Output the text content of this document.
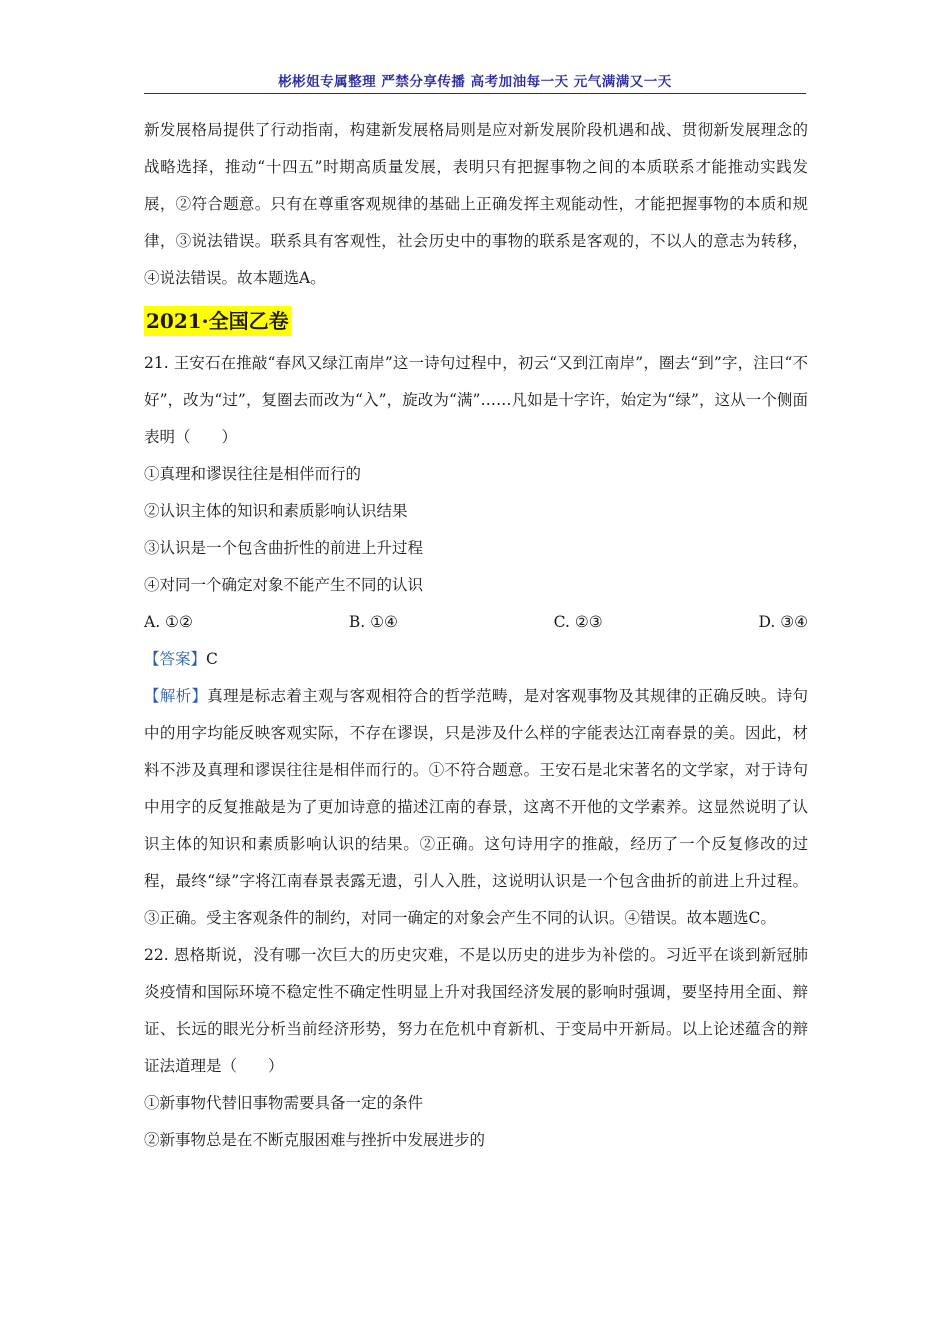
彬彬姐专属整理 严禁分享传播 高考加油每一天 元气满满又一天

新发展格局提供了行动指南，构建新发展格局则是应对新发展阶段机遇和战、贯彻新发展理念的战略选择，推动“十四五”时期高质量发展，表明只有把握事物之间的本质联系才能推动实践发展，②符合题意。只有在尊重客观规律的基础上正确发挥主观能动性，才能把握事物的本质和规律，③说法错误。联系具有客观性，社会历史中的事物的联系是客观的，不以人的意志为转移，④说法错误。故本题选A。

2021·全国乙卷

21. 王安石在推敲“春风又绿江南岸”这一诗句过程中，初云“又到江南岸”，圈去“到”字，注曰“不好”，改为“过”，复圈去而改为“入”，旋改为“满”……凡如是十字许，始定为“绿”，这从一个侧面表明（　　）

①真理和谬误往往是相伴而行的

②认识主体的知识和素质影响认识结果

③认识是一个包含曲折性的前进上升过程

④对同一个确定对象不能产生不同的认识

A. ①②	B. ①④	C. ②③	D. ③④

【答案】C

【解析】真理是标志着主观与客观相符合的哲学范畴，是对客观事物及其规律的正确反映。诗句中的用字均能反映客观实际，不存在谬误，只是涉及什么样的字能表达江南春景的美。因此，材料不涉及真理和谬误往往是相伴而行的。①不符合题意。王安石是北宋著名的文学家，对于诗句中用字的反复推敲是为了更加诗意的描述江南的春景，这离不开他的文学素养。这显然说明了认识主体的知识和素质影响认识的结果。②正确。这句诗用字的推敲，经历了一个反复修改的过程，最终“绿”字将江南春景表露无遗，引人入胜，这说明认识是一个包含曲折的前进上升过程。③正确。受主客观条件的制约，对同一确定的对象会产生不同的认识。④错误。故本题选C。

22. 恩格斯说，没有哪一次巨大的历史灾难，不是以历史的进步为补偿的。习近平在谈到新冠肺炎疫情和国际环境不稳定性不确定性明显上升对我国经济发展的影响时强调，要坚持用全面、辩证、长远的眼光分析当前经济形势，努力在危机中育新机、于变局中开新局。以上论述蕴含的辩证法道理是（　　）

①新事物代替旧事物需要具备一定的条件

②新事物总是在不断克服困难与挫折中发展进步的
